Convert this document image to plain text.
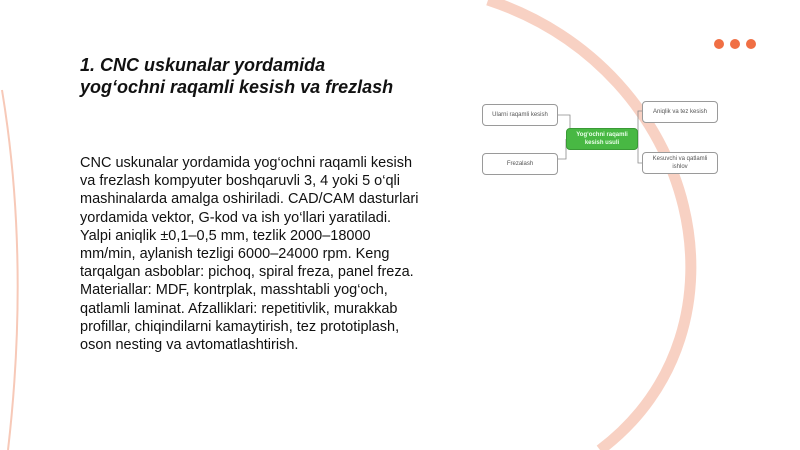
1. CNC uskunalar yordamida
yog‘ochni raqamli kesish va frezlash
CNC uskunalar yordamida yog‘ochni raqamli kesish va frezlash kompyuter boshqaruvli 3, 4 yoki 5 o‘qli mashinalarda amalga oshiriladi. CAD/CAM dasturlari yordamida vektor, G-kod va ish yo‘llari yaratiladi. Yalpi aniqlik ±0,1–0,5 mm, tezlik 2000–18000 mm/min, aylanish tezligi 6000–24000 rpm. Keng tarqalgan asboblar: pichoq, spiral freza, panel freza. Materiallar: MDF, kontrplak, masshtabli yog‘och, qatlamli laminat. Afzalliklari: repetitivlik, murakkab profillar, chiqindilarni kamaytirish, tez prototiplash, oson nesting va avtomatlashtirish.
Ularni raqamli kesish
Frezalash
Yog‘ochni raqamli kesish usuli
Aniqlik va tez kesish
Kesuvchi va qatlamli ishlov
